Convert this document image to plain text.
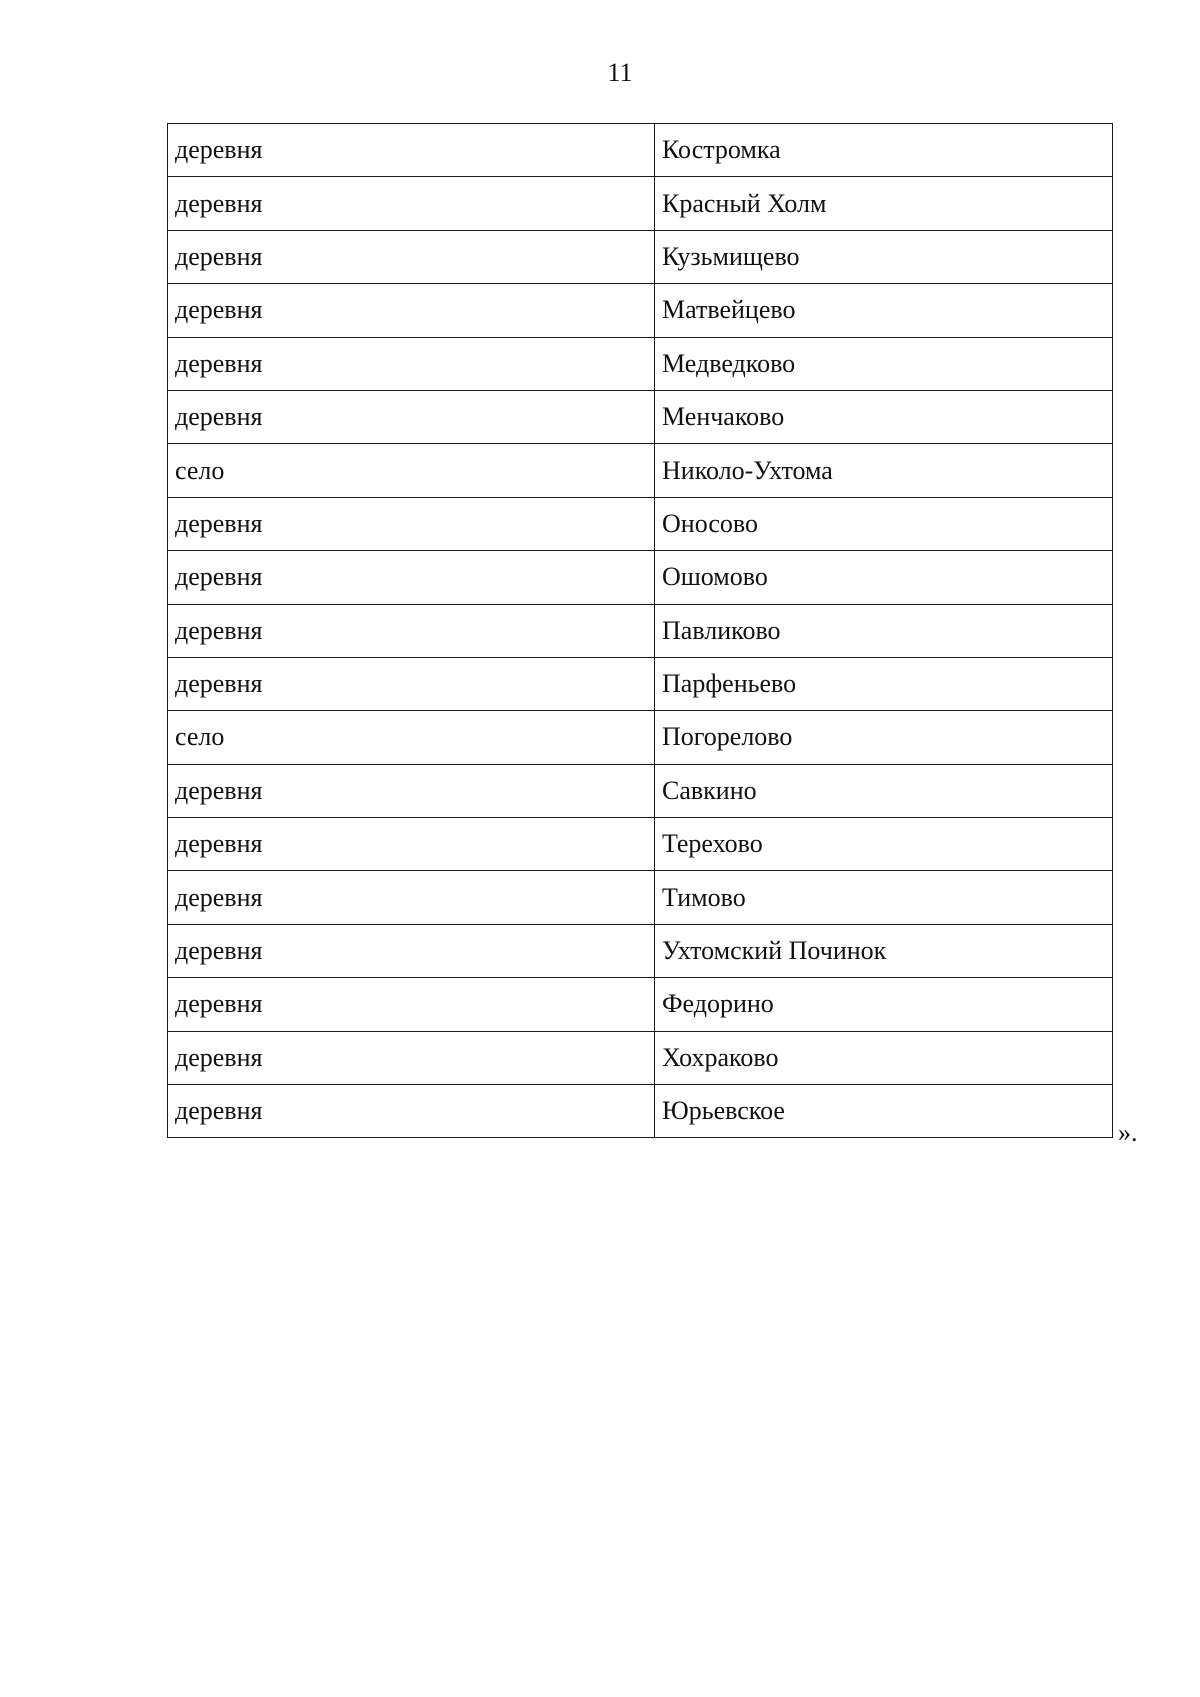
11
деревня	Костромка
деревня	Красный Холм
деревня	Кузьмищево
деревня	Матвейцево
деревня	Медведково
деревня	Менчаково
село	Николо-Ухтома
деревня	Оносово
деревня	Ошомово
деревня	Павликово
деревня	Парфеньево
село	Погорелово
деревня	Савкино
деревня	Терехово
деревня	Тимово
деревня	Ухтомский Починок
деревня	Федорино
деревня	Хохраково
деревня	Юрьевское
».
